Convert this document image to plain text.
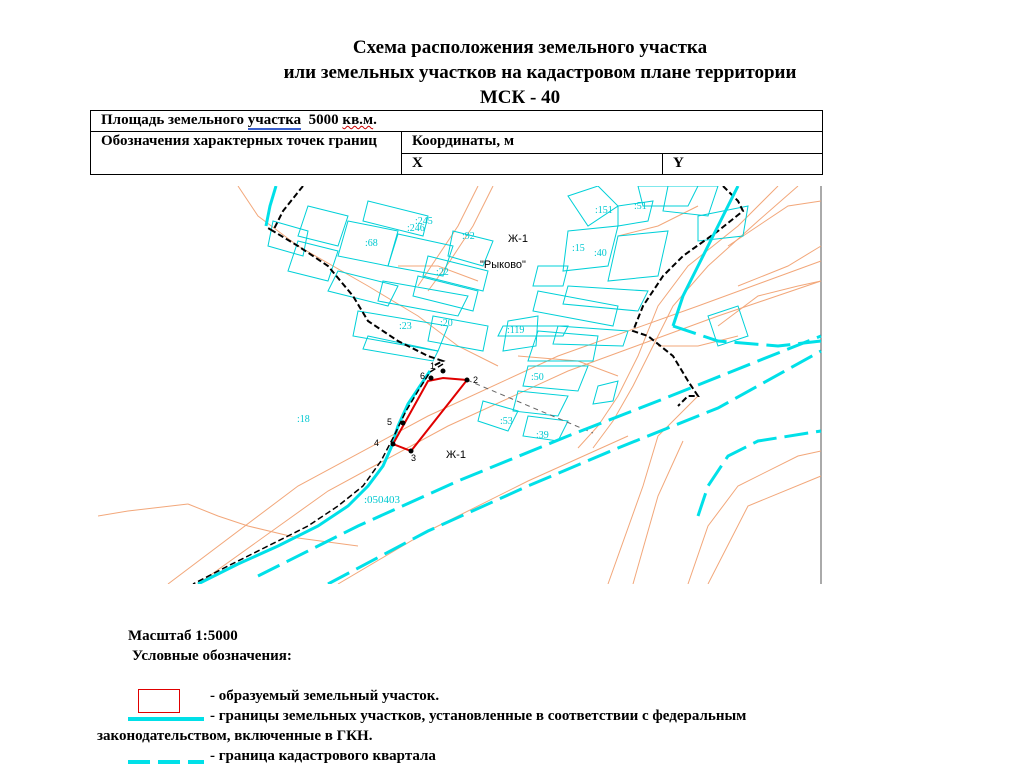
Схема расположения земельного участка
или земельных участков на кадастровом плане территории
МСК - 40
Площадь земельного участка  5000 кв.м.		
Обозначения характерных точек границ	Координаты, м	
	X	Y
1
2
3
4
5
6
Ж-1
"Рыково"
Ж-1
:68
:245
:246
:92
:22
:23	:20
:119
:151 :51
:15 :40
:50
:53
:39
:18
:050403
Масштаб 1:5000
Условные обозначения:
- образуемый земельный участок.
- границы земельных участков, установленные в соответствии с федеральным
законодательством, включенные в ГКН.
- граница кадастрового квартала
